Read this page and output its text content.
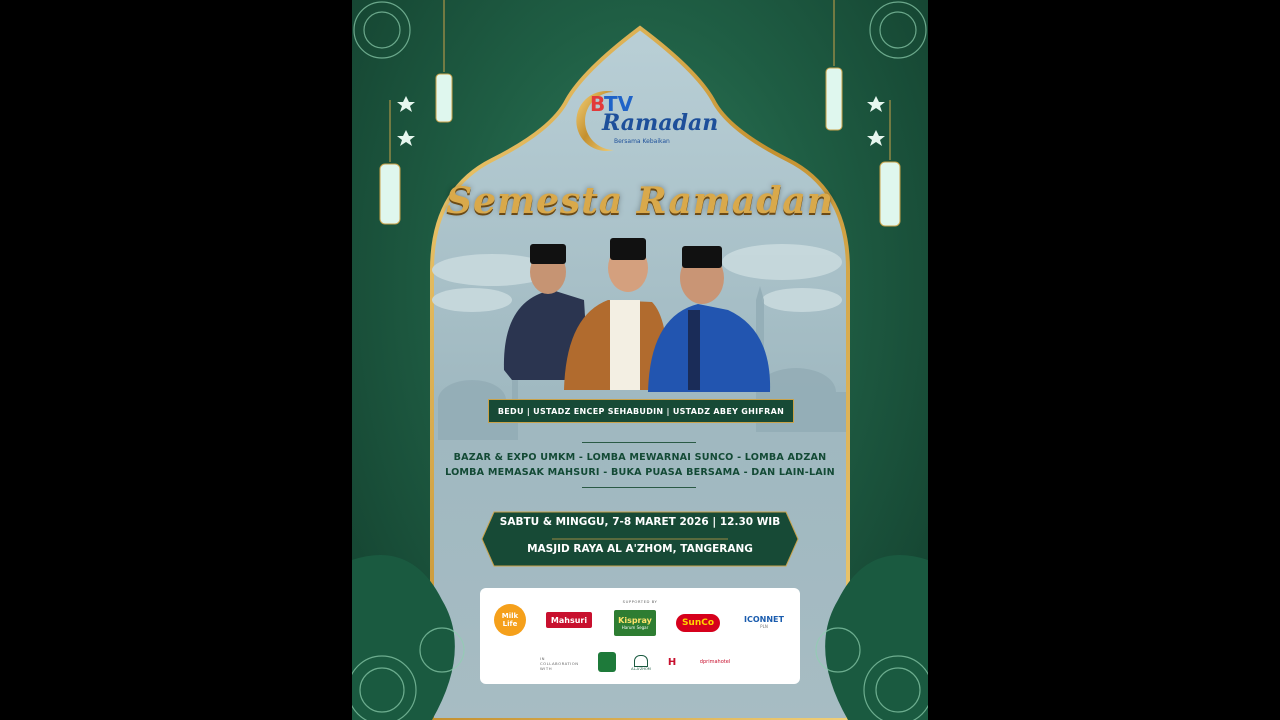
B
TV
Ramadan
Bersama Kebaikan
Semesta Ramadan
BEDU | USTADZ ENCEP SEHABUDIN | USTADZ ABEY GHIFRAN
BAZAR & EXPO UMKM - LOMBA MEWARNAI SUNCO - LOMBA ADZAN
LOMBA MEMASAK MAHSURI - BUKA PUASA BERSAMA - DAN LAIN-LAIN
SABTU & MINGGU, 7-8 MARET 2026 | 12.30 WIB
MASJID RAYA AL A'ZHOM, TANGERANG
SUPPORTED BY
Milk Life	Mahsuri	Kispray
Harum Segar	SunCo	ICONNET
PLN
IN COLLABORATION WITH	AL-A'ZHOM
H	dprimahotel
